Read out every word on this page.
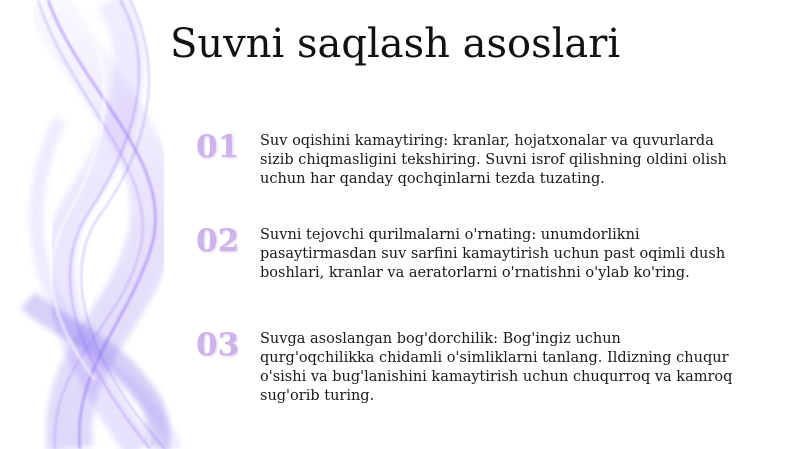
Suvni saqlash asoslari
01	Suv oqishini kamaytiring: kranlar, hojatxonalar va quvurlarda sizib chiqmasligini tekshiring. Suvni isrof qilishning oldini olish uchun har qanday qochqinlarni tezda tuzating.
02	Suvni tejovchi qurilmalarni o'rnating: unumdorlikni pasaytirmasdan suv sarfini kamaytirish uchun past oqimli dush boshlari, kranlar va aeratorlarni o'rnatishni o'ylab ko'ring.
03	Suvga asoslangan bog'dorchilik: Bog'ingiz uchun qurg'oqchilikka chidamli o'simliklarni tanlang. Ildizning chuqur o'sishi va bug'lanishini kamaytirish uchun chuqurroq va kamroq sug'orib turing.
